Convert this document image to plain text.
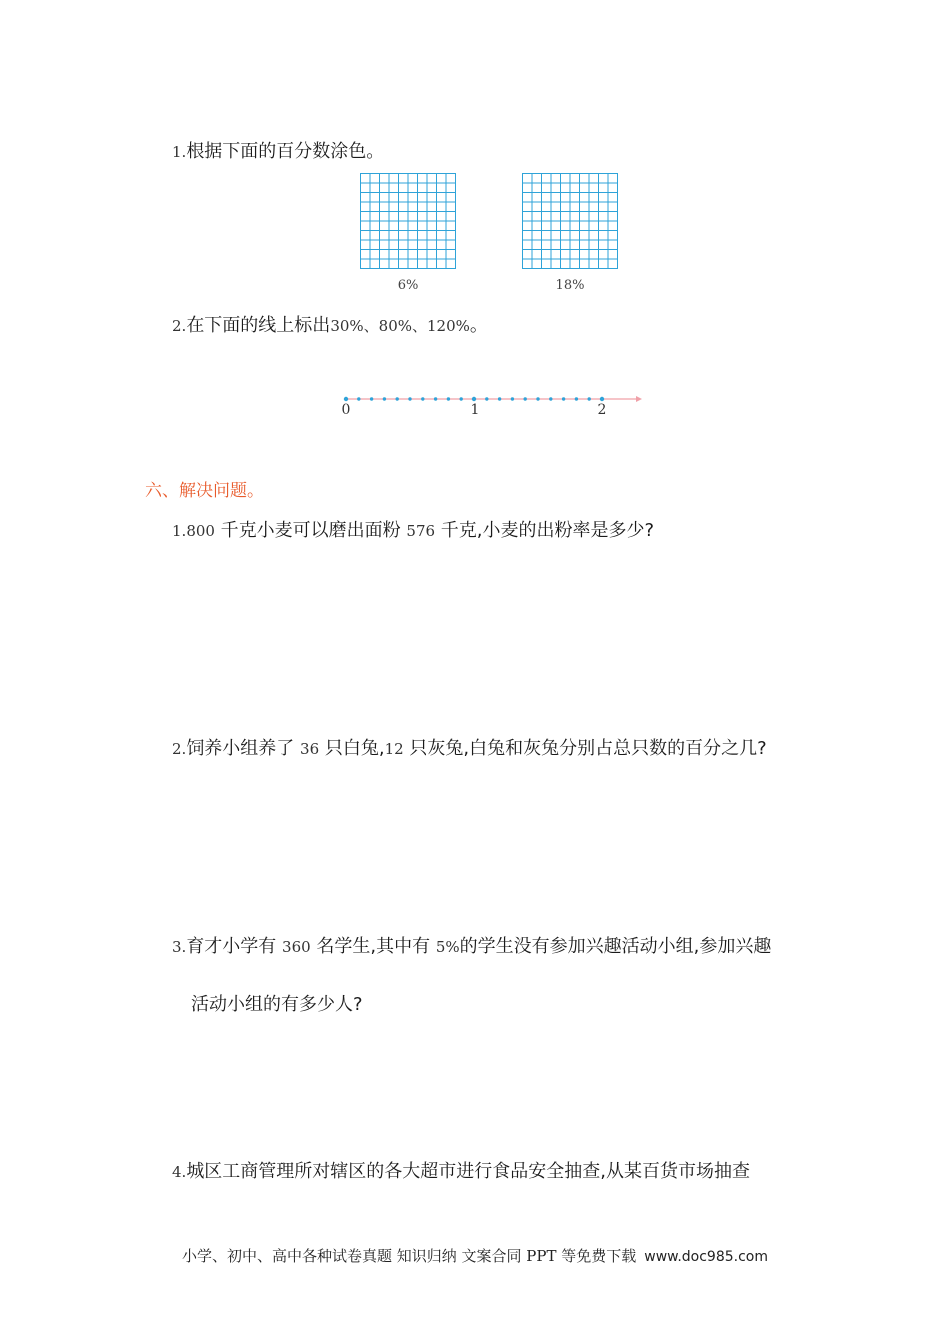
1.根据下面的百分数涂色。
6%	18%
2.在下面的线上标出30%、80%、120%。
0	1	2
六、解决问题。
1.800 千克小麦可以磨出面粉 576 千克,小麦的出粉率是多少?
2.饲养小组养了 36 只白兔,12 只灰兔,白兔和灰兔分别占总只数的百分之几?
3.育才小学有 360 名学生,其中有 5%的学生没有参加兴趣活动小组,参加兴趣
活动小组的有多少人?
4.城区工商管理所对辖区的各大超市进行食品安全抽查,从某百货市场抽查
小学、初中、高中各种试卷真题 知识归纳 文案合同 PPT 等免费下载 www.doc985.com
